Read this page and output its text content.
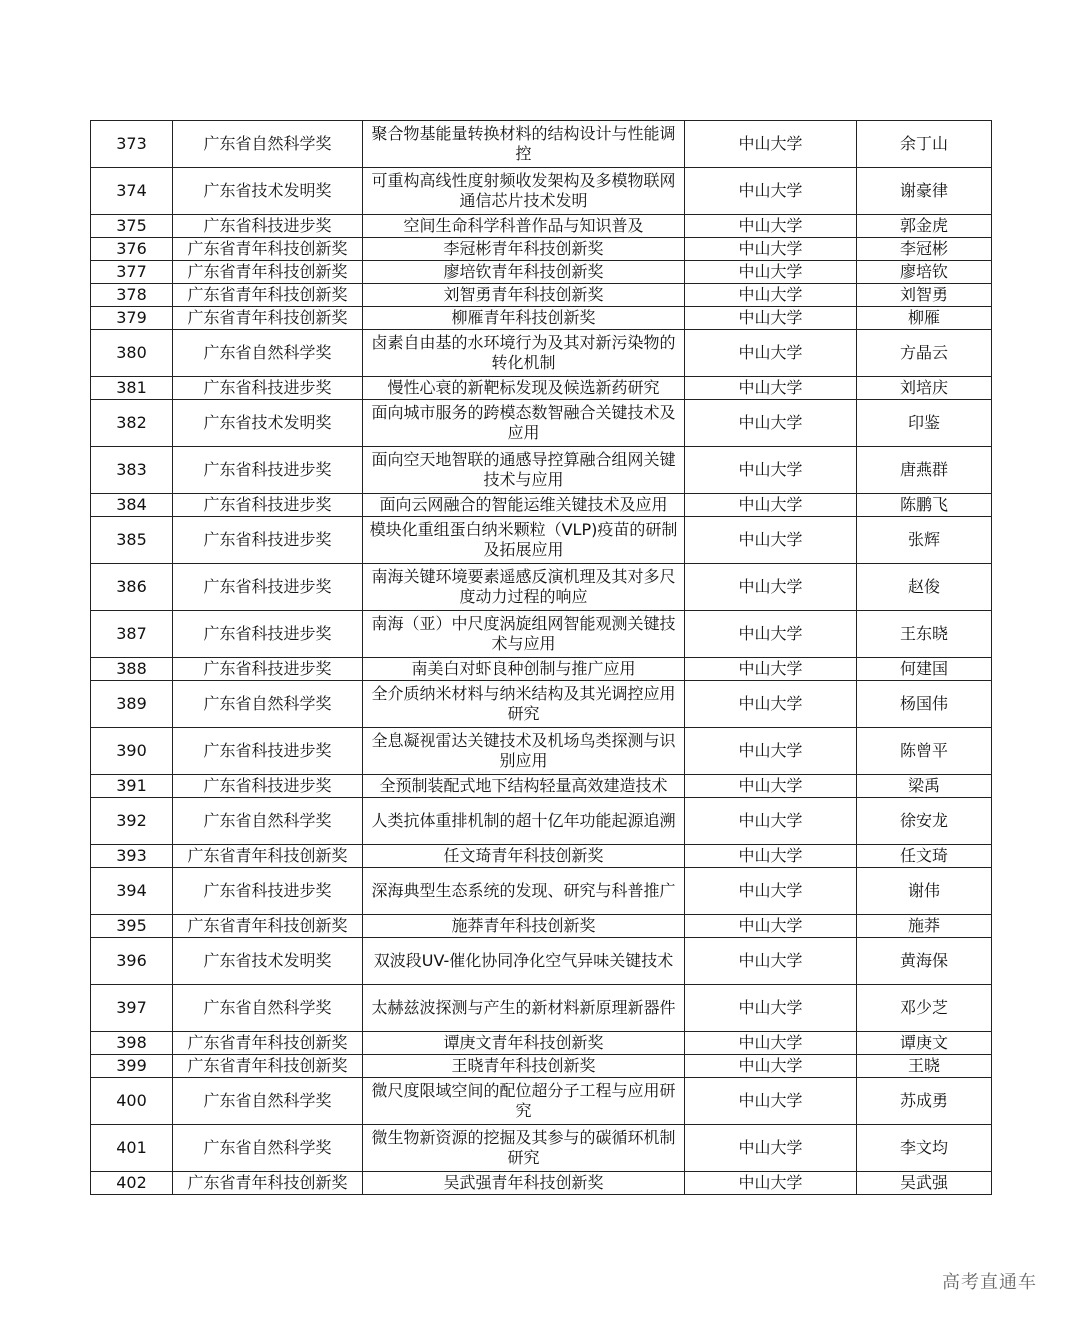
373	广东省自然科学奖	聚合物基能量转换材料的结构设计与性能调控	中山大学	余丁山
374	广东省技术发明奖	可重构高线性度射频收发架构及多模物联网通信芯片技术发明	中山大学	谢豪律
375	广东省科技进步奖	空间生命科学科普作品与知识普及	中山大学	郭金虎
376	广东省青年科技创新奖	李冠彬青年科技创新奖	中山大学	李冠彬
377	广东省青年科技创新奖	廖培钦青年科技创新奖	中山大学	廖培钦
378	广东省青年科技创新奖	刘智勇青年科技创新奖	中山大学	刘智勇
379	广东省青年科技创新奖	柳雁青年科技创新奖	中山大学	柳雁
380	广东省自然科学奖	卤素自由基的水环境行为及其对新污染物的转化机制	中山大学	方晶云
381	广东省科技进步奖	慢性心衰的新靶标发现及候选新药研究	中山大学	刘培庆
382	广东省技术发明奖	面向城市服务的跨模态数智融合关键技术及应用	中山大学	印鉴
383	广东省科技进步奖	面向空天地智联的通感导控算融合组网关键技术与应用	中山大学	唐燕群
384	广东省科技进步奖	面向云网融合的智能运维关键技术及应用	中山大学	陈鹏飞
385	广东省科技进步奖	模块化重组蛋白纳米颗粒（VLP)疫苗的研制及拓展应用	中山大学	张辉
386	广东省科技进步奖	南海关键环境要素遥感反演机理及其对多尺度动力过程的响应	中山大学	赵俊
387	广东省科技进步奖	南海（亚）中尺度涡旋组网智能观测关键技术与应用	中山大学	王东晓
388	广东省科技进步奖	南美白对虾良种创制与推广应用	中山大学	何建国
389	广东省自然科学奖	全介质纳米材料与纳米结构及其光调控应用研究	中山大学	杨国伟
390	广东省科技进步奖	全息凝视雷达关键技术及机场鸟类探测与识别应用	中山大学	陈曾平
391	广东省科技进步奖	全预制装配式地下结构轻量高效建造技术	中山大学	梁禹
392	广东省自然科学奖	人类抗体重排机制的超十亿年功能起源追溯	中山大学	徐安龙
393	广东省青年科技创新奖	任文琦青年科技创新奖	中山大学	任文琦
394	广东省科技进步奖	深海典型生态系统的发现、研究与科普推广	中山大学	谢伟
395	广东省青年科技创新奖	施莽青年科技创新奖	中山大学	施莽
396	广东省技术发明奖	双波段UV-催化协同净化空气异味关键技术	中山大学	黄海保
397	广东省自然科学奖	太赫兹波探测与产生的新材料新原理新器件	中山大学	邓少芝
398	广东省青年科技创新奖	谭庚文青年科技创新奖	中山大学	谭庚文
399	广东省青年科技创新奖	王晓青年科技创新奖	中山大学	王晓
400	广东省自然科学奖	微尺度限域空间的配位超分子工程与应用研究	中山大学	苏成勇
401	广东省自然科学奖	微生物新资源的挖掘及其参与的碳循环机制研究	中山大学	李文均
402	广东省青年科技创新奖	吴武强青年科技创新奖	中山大学	吴武强
高考直通车
